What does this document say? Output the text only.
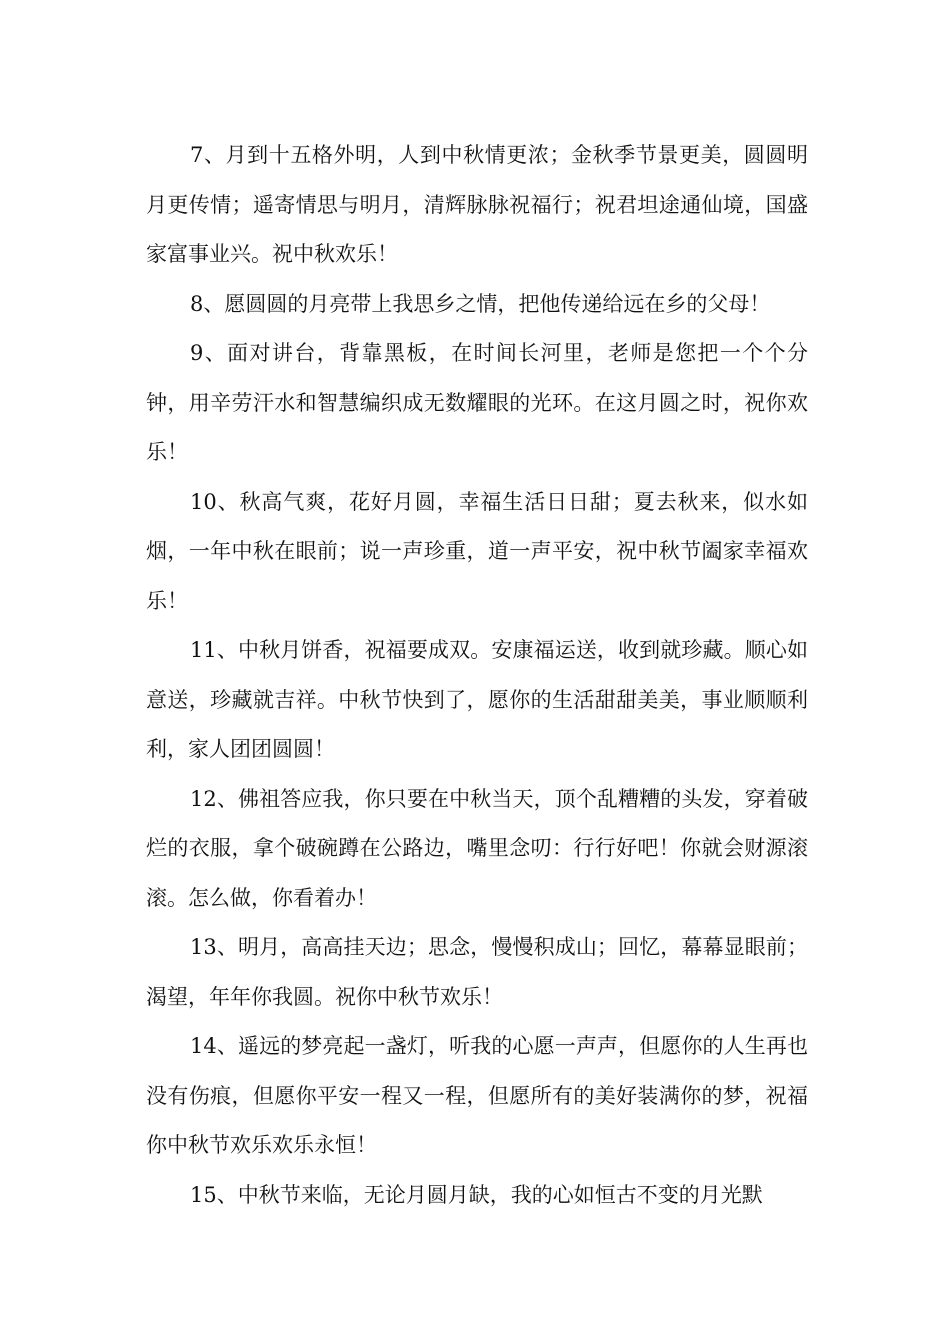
7、月到十五格外明，人到中秋情更浓；金秋季节景更美，圆圆明月更传情；遥寄情思与明月，清辉脉脉祝福行；祝君坦途通仙境，国盛家富事业兴。祝中秋欢乐！

8、愿圆圆的月亮带上我思乡之情，把他传递给远在乡的父母！

9、面对讲台，背靠黑板，在时间长河里，老师是您把一个个分钟，用辛劳汗水和智慧编织成无数耀眼的光环。在这月圆之时，祝你欢乐！

10、秋高气爽，花好月圆，幸福生活日日甜；夏去秋来，似水如烟，一年中秋在眼前；说一声珍重，道一声平安，祝中秋节阖家幸福欢乐！

11、中秋月饼香，祝福要成双。安康福运送，收到就珍藏。顺心如意送，珍藏就吉祥。中秋节快到了，愿你的生活甜甜美美，事业顺顺利利，家人团团圆圆！

12、佛祖答应我，你只要在中秋当天，顶个乱糟糟的头发，穿着破烂的衣服，拿个破碗蹲在公路边，嘴里念叨：行行好吧！你就会财源滚滚。怎么做，你看着办！

13、明月，高高挂天边；思念，慢慢积成山；回忆，幕幕显眼前；渴望，年年你我圆。祝你中秋节欢乐！

14、遥远的梦亮起一盏灯，听我的心愿一声声，但愿你的人生再也没有伤痕，但愿你平安一程又一程，但愿所有的美好装满你的梦，祝福你中秋节欢乐欢乐永恒！

15、中秋节来临，无论月圆月缺，我的心如恒古不变的月光默
